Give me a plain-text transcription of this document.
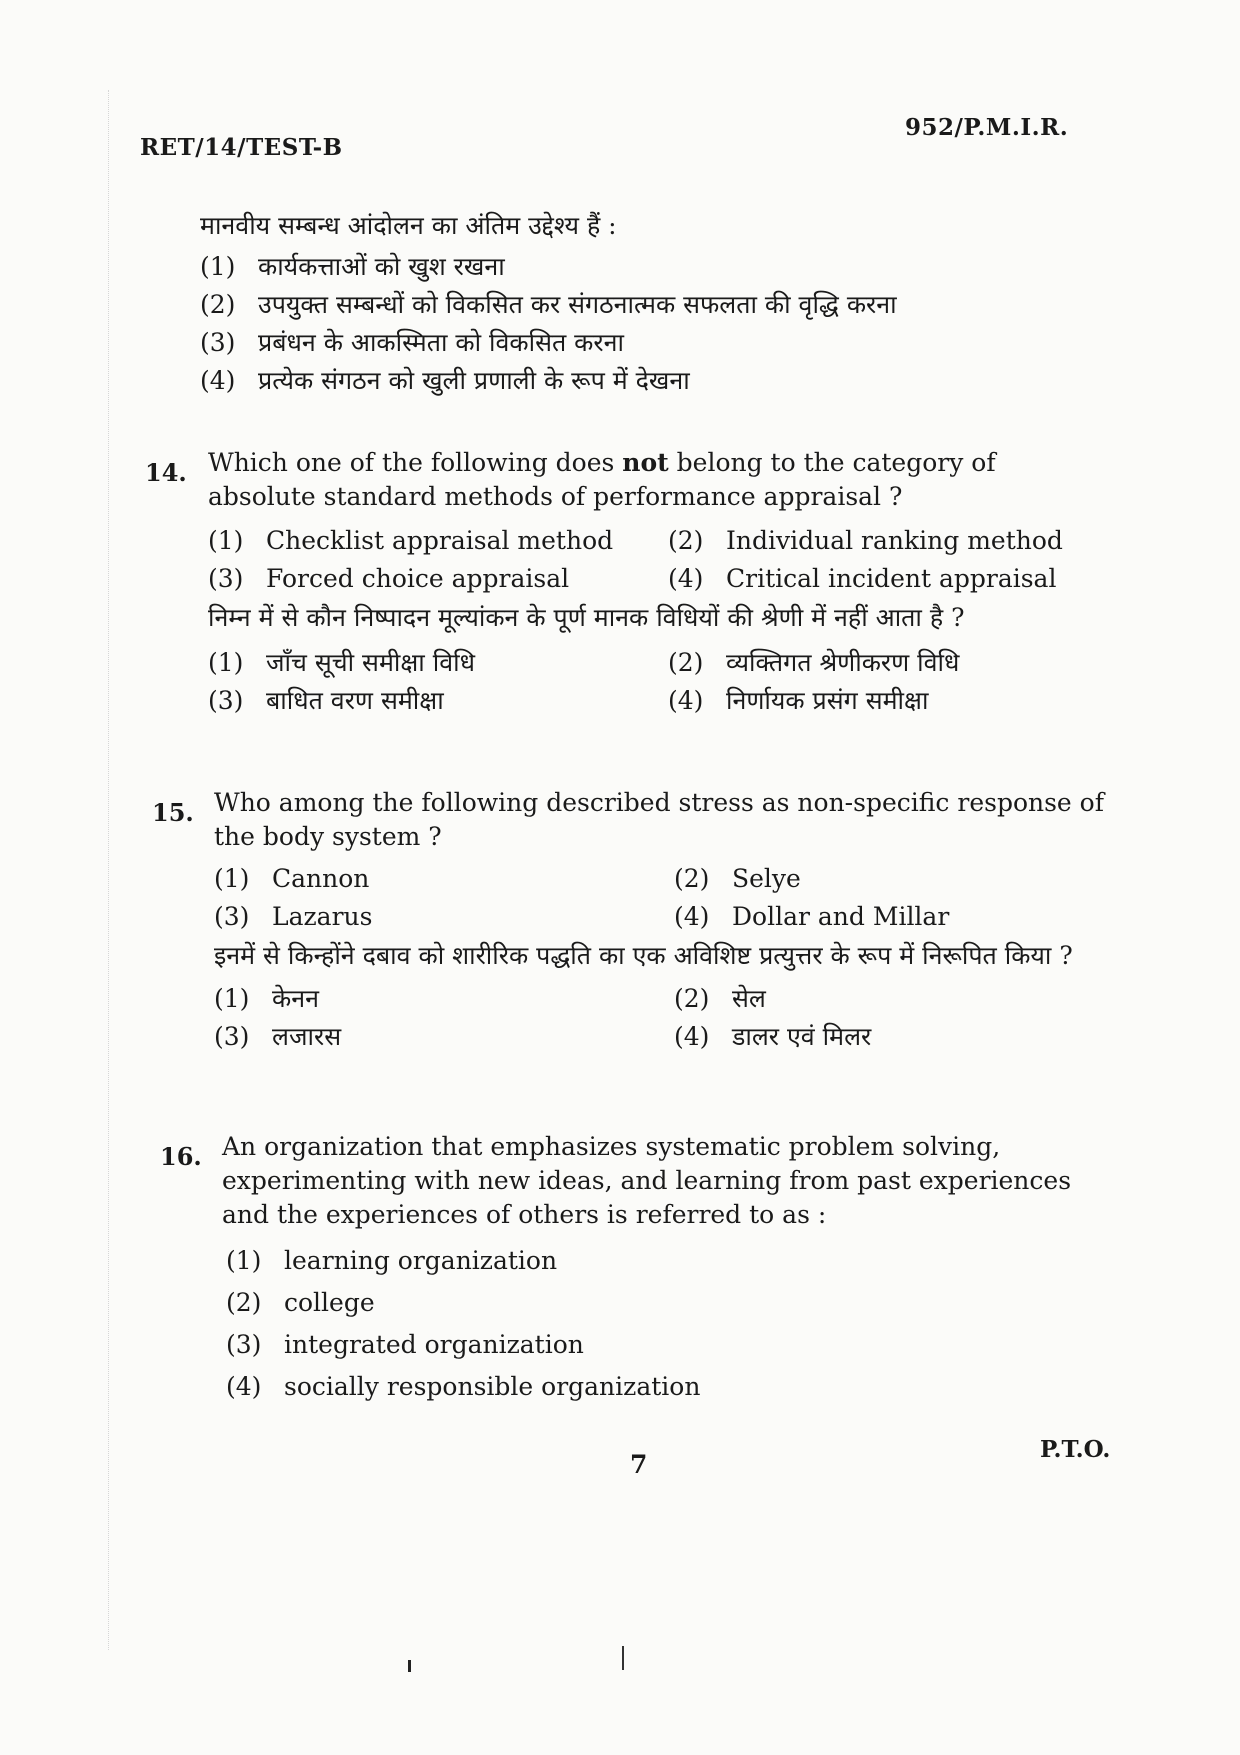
RET/14/TEST-B
952/P.M.I.R.
मानवीय सम्बन्ध आंदोलन का अंतिम उद्देश्य हैं :
(1) कार्यकत्ताओं को खुश रखना
(2) उपयुक्त सम्बन्धों को विकसित कर संगठनात्मक सफलता की वृद्धि करना
(3) प्रबंधन के आकस्मिता को विकसित करना
(4) प्रत्येक संगठन को खुली प्रणाली के रूप में देखना
14. Which one of the following does not belong to the category of absolute standard methods of performance appraisal ?
(1) Checklist appraisal method	(2) Individual ranking method
(3) Forced choice appraisal	(4) Critical incident appraisal
निम्न में से कौन निष्पादन मूल्यांकन के पूर्ण मानक विधियों की श्रेणी में नहीं आता है ?
(1) जाँच सूची समीक्षा विधि	(2) व्यक्तिगत श्रेणीकरण विधि
(3) बाधित वरण समीक्षा	(4) निर्णायक प्रसंग समीक्षा
15. Who among the following described stress as non-specific response of the body system ?
(1) Cannon	(2) Selye
(3) Lazarus	(4) Dollar and Millar
इनमें से किन्होंने दबाव को शारीरिक पद्धति का एक अविशिष्ट प्रत्युत्तर के रूप में निरूपित किया ?
(1) केनन	(2) सेल
(3) लजारस	(4) डालर एवं मिलर
16. An organization that emphasizes systematic problem solving, experimenting with new ideas, and learning from past experiences and the experiences of others is referred to as :
(1) learning organization
(2) college
(3) integrated organization
(4) socially responsible organization
7
P.T.O.
